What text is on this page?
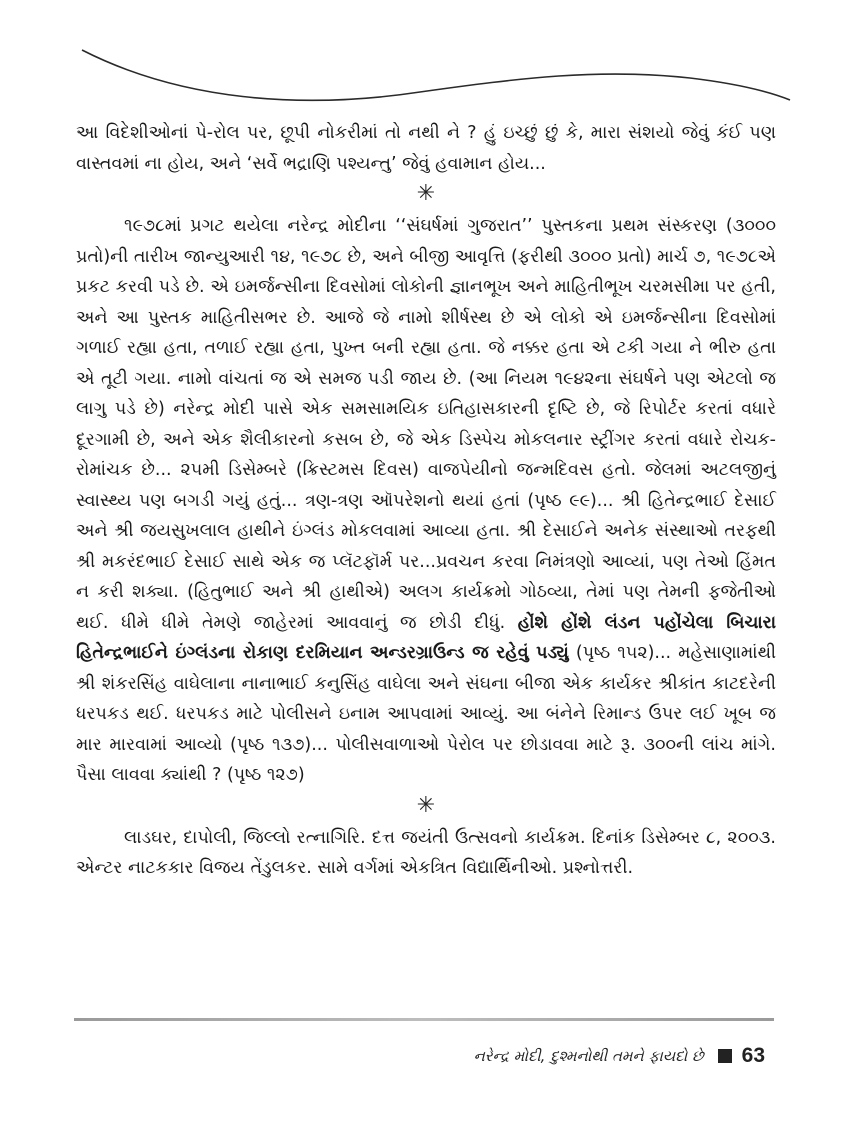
આ વિદેશીઓનાં પે-રોલ પર, છૂપી નોકરીમાં તો નથી ને ? હું ઇચ્છું છું કે, મારા સંશયો જેવું કંઈ પણ વાસ્તવમાં ના હોય, અને ‘સર્વે ભદ્રાણિ પશ્યન્તુ’ જેવું હવામાન હોય...

✳

૧૯૭૮માં પ્રગટ થયેલા નરેન્દ્ર મોદીના ‘‘સંઘર્ષમાં ગુજરાત’’ પુસ્તકના પ્રથમ સંસ્કરણ (૩૦૦૦ પ્રતો)ની તારીખ જાન્યુઆરી ૧૪, ૧૯૭૮ છે, અને બીજી આવૃત્તિ (ફરીથી ૩૦૦૦ પ્રતો) માર્ચ ૭, ૧૯૭૮એ પ્રકટ કરવી પડે છે. એ ઇમર્જન્સીના દિવસોમાં લોકોની જ્ઞાનભૂખ અને માહિતીભૂખ ચરમસીમા પર હતી, અને આ પુસ્તક માહિતીસભર છે. આજે જે નામો શીર્ષસ્થ છે એ લોકો એ ઇમર્જન્સીના દિવસોમાં ગળાઈ રહ્યા હતા, તળાઈ રહ્યા હતા, પુખ્ત બની રહ્યા હતા. જે નક્કર હતા એ ટકી ગયા ને ભીરુ હતા એ તૂટી ગયા. નામો વાંચતાં જ એ સમજ પડી જાય છે. (આ નિયમ ૧૯૪૨ના સંઘર્ષને પણ એટલો જ લાગુ પડે છે) નરેન્દ્ર મોદી પાસે એક સમસામયિક ઇતિહાસકારની દૃષ્ટિ છે, જે રિપોર્ટર કરતાં વધારે દૂરગામી છે, અને એક શૈલીકારનો કસબ છે, જે એક ડિસ્પેચ મોકલનાર સ્ટ્રીંગર કરતાં વધારે રોચક-રોમાંચક છે... ૨૫મી ડિસેમ્બરે (ક્રિસ્ટમસ દિવસ) વાજપેયીનો જન્મદિવસ હતો. જેલમાં અટલજીનું સ્વાસ્થ્ય પણ બગડી ગયું હતું... ત્રણ-ત્રણ ઑપરેશનો થયાં હતાં (પૃષ્ઠ ૯૯)... શ્રી હિતેન્દ્રભાઈ દેસાઈ અને શ્રી જયસુખલાલ હાથીને ઇંગ્લંડ મોકલવામાં આવ્યા હતા. શ્રી દેસાઈને અનેક સંસ્થાઓ તરફથી શ્રી મકરંદભાઈ દેસાઈ સાથે એક જ પ્લૅટફૉર્મ પર...પ્રવચન કરવા નિમંત્રણો આવ્યાં, પણ તેઓ હિંમત ન કરી શક્યા. (હિતુભાઈ અને શ્રી હાથીએ) અલગ કાર્યક્રમો ગોઠવ્યા, તેમાં પણ તેમની ફજેતીઓ થઈ. ધીમે ધીમે તેમણે જાહેરમાં આવવાનું જ છોડી દીધું. હોંશે હોંશે લંડન પહોંચેલા બિચારા હિતેન્દ્રભાઈને ઇંગ્લંડના રોકાણ દરમિયાન અન્ડરગ્રાઉન્ડ જ રહેવું પડ્યું (પૃષ્ઠ ૧૫૨)... મહેસાણામાંથી શ્રી શંકરસિંહ વાઘેલાના નાનાભાઈ કનુસિંહ વાઘેલા અને સંઘના બીજા એક કાર્યકર શ્રીકાંત કાટદરેની ધરપકડ થઈ. ધરપકડ માટે પોલીસને ઇનામ આપવામાં આવ્યું. આ બંનેને રિમાન્ડ ઉપર લઈ ખૂબ જ માર મારવામાં આવ્યો (પૃષ્ઠ ૧૩૭)... પોલીસવાળાઓ પેરોલ પર છોડાવવા માટે રૂ. ૩૦૦ની લાંચ માંગે. પૈસા લાવવા ક્યાંથી ? (પૃષ્ઠ ૧૨૭)

✳

લાડઘર, દાપોલી, જિલ્લો રત્નાગિરિ. દત્ત જયંતી ઉત્સવનો કાર્યક્રમ. દિનાંક ડિસેમ્બર ૮, ૨૦૦૩. એન્ટર નાટકકાર વિજય તેંડુલકર. સામે વર્ગમાં એકત્રિત વિદ્યાર્થિનીઓ. પ્રશ્નોત્તરી.

નરેન્દ્ર મોદી, દુશ્મનોથી તમને ફાયદો છે 63
